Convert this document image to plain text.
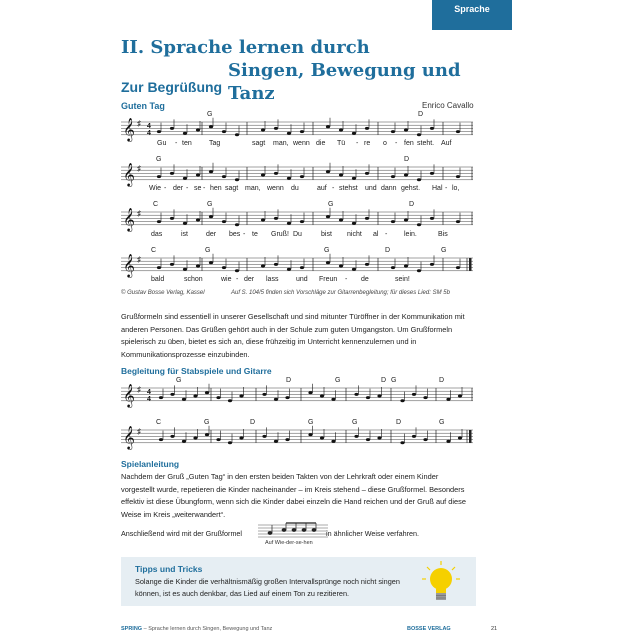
Sprache
II. Sprache lernen durch
Singen, Bewegung und Tanz
Zur Begrüßung
Guten Tag	Enrico Cavallo
𝄞 ♯ 4
4
G	D
Gu - ten Tag	sagt man, wenn die Tü - re o - fen steht. Auf
𝄞 ♯
G	D
Wie - der - se - hen sagt man, wenn du	auf - stehst und dann gehst. Hal - lo,
𝄞 ♯
C	G	G	D
das	ist	der bes - te Gruß! Du	bist nicht al - lein.	Bis
𝄞 ♯
C	G	G	D	G
bald	schon	wie - der lass	und Freun - de	sein!
© Gustav Bosse Verlag, Kassel	Auf S. 104/5 finden sich Vorschläge zur Gitarrenbegleitung; für dieses Lied: SM 5b
Grußformeln sind essentiell in unserer Gesellschaft und sind mitunter Türöffner in der Kommunikation mit anderen Personen. Das Grüßen gehört auch in der Schule zum guten Umgangston. Um Grußformeln spielerisch zu üben, bietet es sich an, diese frühzeitig im Unterricht kennenzulernen und in Kommunikationsprozesse einzubinden.
Begleitung für Stabspiele und Gitarre
𝄞 ♯ 4
4
G	D	G	D G	D
𝄞 ♯
C	G	D	G	G	D	G
Spielanleitung
Nachdem der Gruß „Guten Tag“ in den ersten beiden Takten von der Lehrkraft oder einem Kinder vorgestellt wurde, repetieren die Kinder nacheinander – im Kreis stehend – diese Grußformel. Besonders effektiv ist diese Übungform, wenn sich die Kinder dabei einzeln die Hand reichen und der Gruß auf diese Weise im Kreis „weiterwandert“.
Anschließend wird mit der Grußformel	in ähnlicher Weise verfahren.
Auf Wie-der-se-hen
Tipps und Tricks
Solange die Kinder die verhältnismäßig großen Intervallsprünge noch nicht singen können, ist es auch denkbar, das Lied auf einem Ton zu rezitieren.
SPRING – Sprache lernen durch Singen, Bewegung und Tanz	BOSSE VERLAG	21
